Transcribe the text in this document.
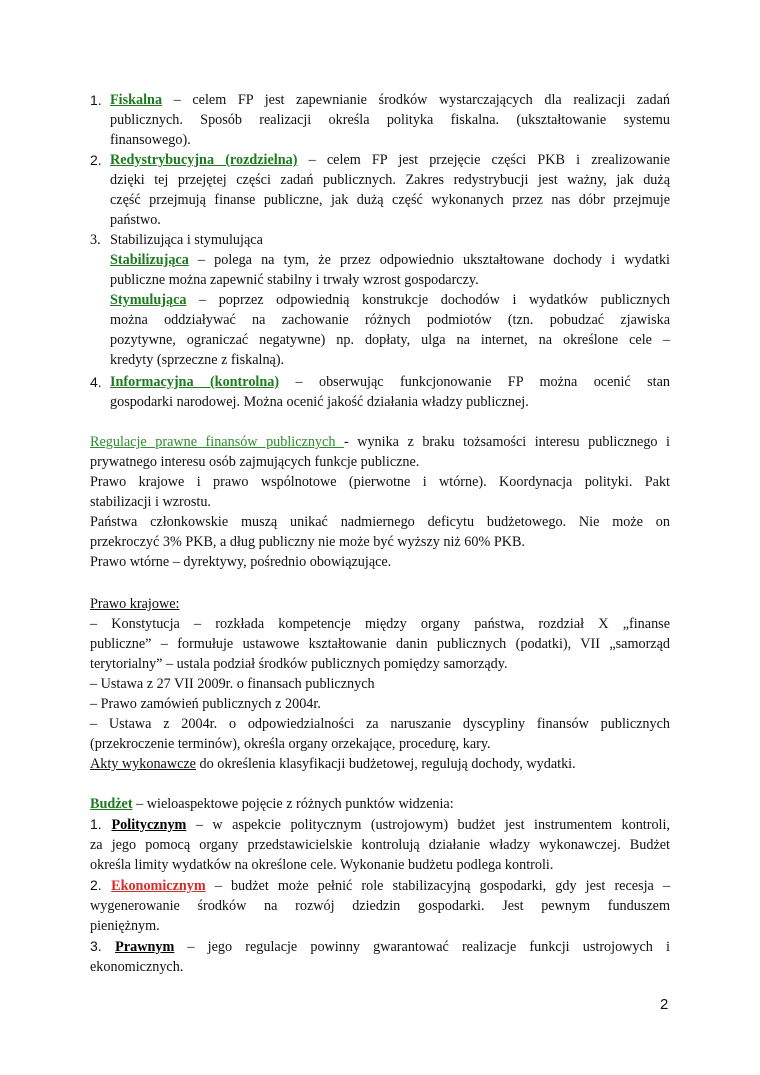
1. Fiskalna – celem FP jest zapewnianie środków wystarczających dla realizacji zadań
publicznych. Sposób realizacji określa polityka fiskalna. (ukształtowanie systemu
finansowego).
2. Redystrybucyjna (rozdzielna) – celem FP jest przejęcie części PKB i zrealizowanie
dzięki tej przejętej części zadań publicznych. Zakres redystrybucji jest ważny, jak dużą
część przejmują finanse publiczne, jak dużą część wykonanych przez nas dóbr przejmuje
państwo.
3. Stabilizująca i stymulująca
Stabilizująca – polega na tym, że przez odpowiednio ukształtowane dochody i wydatki
publiczne można zapewnić stabilny i trwały wzrost gospodarczy.
Stymulująca – poprzez odpowiednią konstrukcje dochodów i wydatków publicznych
można oddziaływać na zachowanie różnych podmiotów (tzn. pobudzać zjawiska
pozytywne, ograniczać negatywne) np. dopłaty, ulga na internet, na określone cele –
kredyty (sprzeczne z fiskalną).
4. Informacyjna (kontrolna) – obserwując funkcjonowanie FP można ocenić stan
gospodarki narodowej. Można ocenić jakość działania władzy publicznej.
Regulacje prawne finansów publicznych - wynika z braku tożsamości interesu publicznego i
prywatnego interesu osób zajmujących funkcje publiczne.
Prawo krajowe i prawo wspólnotowe (pierwotne i wtórne). Koordynacja polityki. Pakt
stabilizacji i wzrostu.
Państwa członkowskie muszą unikać nadmiernego deficytu budżetowego. Nie może on
przekroczyć 3% PKB, a dług publiczny nie może być wyższy niż 60% PKB.
Prawo wtórne – dyrektywy, pośrednio obowiązujące.
Prawo krajowe:
– Konstytucja – rozkłada kompetencje między organy państwa, rozdział X „finanse
publiczne” – formułuje ustawowe kształtowanie danin publicznych (podatki), VII „samorząd
terytorialny” – ustala podział środków publicznych pomiędzy samorządy.
– Ustawa z 27 VII 2009r. o finansach publicznych
– Prawo zamówień publicznych z 2004r.
– Ustawa z 2004r. o odpowiedzialności za naruszanie dyscypliny finansów publicznych
(przekroczenie terminów), określa organy orzekające, procedurę, kary.
Akty wykonawcze do określenia klasyfikacji budżetowej, regulują dochody, wydatki.
Budżet – wieloaspektowe pojęcie z różnych punktów widzenia:
1. Politycznym – w aspekcie politycznym (ustrojowym) budżet jest instrumentem kontroli,
za jego pomocą organy przedstawicielskie kontrolują działanie władzy wykonawczej. Budżet
określa limity wydatków na określone cele. Wykonanie budżetu podlega kontroli.
2. Ekonomicznym – budżet może pełnić role stabilizacyjną gospodarki, gdy jest recesja –
wygenerowanie środków na rozwój dziedzin gospodarki. Jest pewnym funduszem
pieniężnym.
3. Prawnym – jego regulacje powinny gwarantować realizacje funkcji ustrojowych i
ekonomicznych.
2
